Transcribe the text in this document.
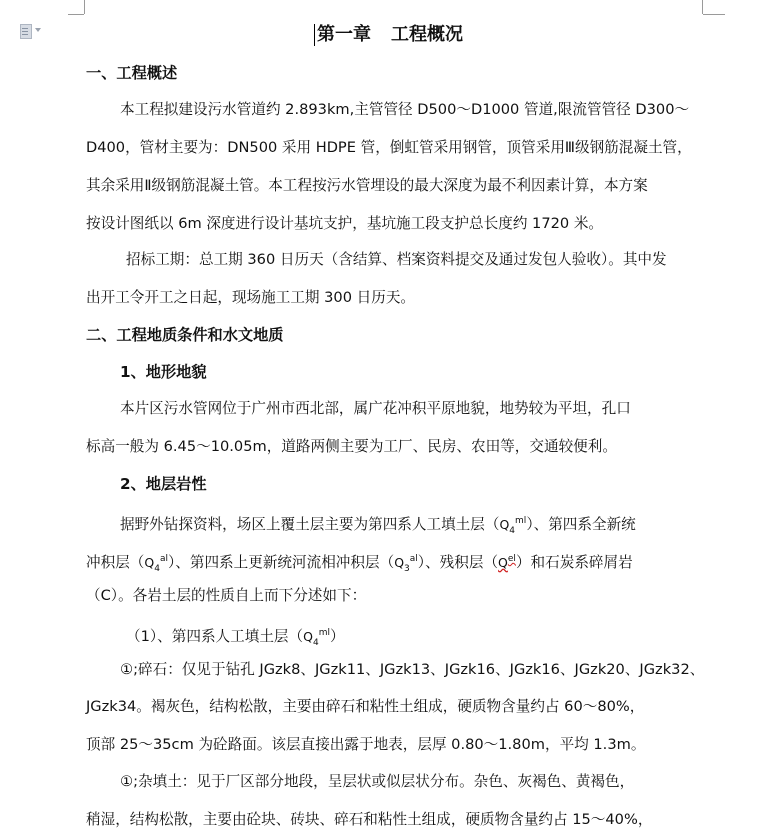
第一章 工程概况
一、工程概述
本工程拟建设污水管道约 2.893km,主管管径 D500～D1000 管道,限流管管径 D300～
D400，管材主要为：DN500 采用 HDPE 管，倒虹管采用钢管，顶管采用Ⅲ级钢筋混凝土管，
其余采用Ⅱ级钢筋混凝土管。本工程按污水管埋设的最大深度为最不利因素计算，本方案
按设计图纸以 6m 深度进行设计基坑支护，基坑施工段支护总长度约 1720 米。
招标工期：总工期 360 日历天（含结算、档案资料提交及通过发包人验收）。其中发
出开工令开工之日起，现场施工工期 300 日历天。
二、工程地质条件和水文地质
1、地形地貌
本片区污水管网位于广州市西北部，属广花冲积平原地貌，地势较为平坦，孔口
标高一般为 6.45～10.05m，道路两侧主要为工厂、民房、农田等，交通较便利。
2、地层岩性
据野外钻探资料，场区上覆土层主要为第四系人工填土层$(Q_4^{ml})$、第四系全新统
冲积层$(Q_4^{al})$、第四系上更新统河流相冲积层$(Q_3^{al})$、残积层$(Q^{el})$和石炭系碎屑岩
（C）。各岩土层的性质自上而下分述如下：
（1）、第四系人工填土层$(Q_4^{ml})$
①;碎石：仅见于钻孔 JGzk8、JGzk11、JGzk13、JGzk16、JGzk16、JGzk20、JGzk32、
JGzk34。褐灰色，结构松散，主要由碎石和粘性土组成，硬质物含量约占 60～80%，
顶部 25～35cm 为砼路面。该层直接出露于地表，层厚 0.80～1.80m，平均 1.3m。
①;杂填土：见于厂区部分地段，呈层状或似层状分布。杂色、灰褐色、黄褐色，
稍湿，结构松散，主要由砼块、砖块、碎石和粘性土组成，硬质物含量约占 15～40%，
